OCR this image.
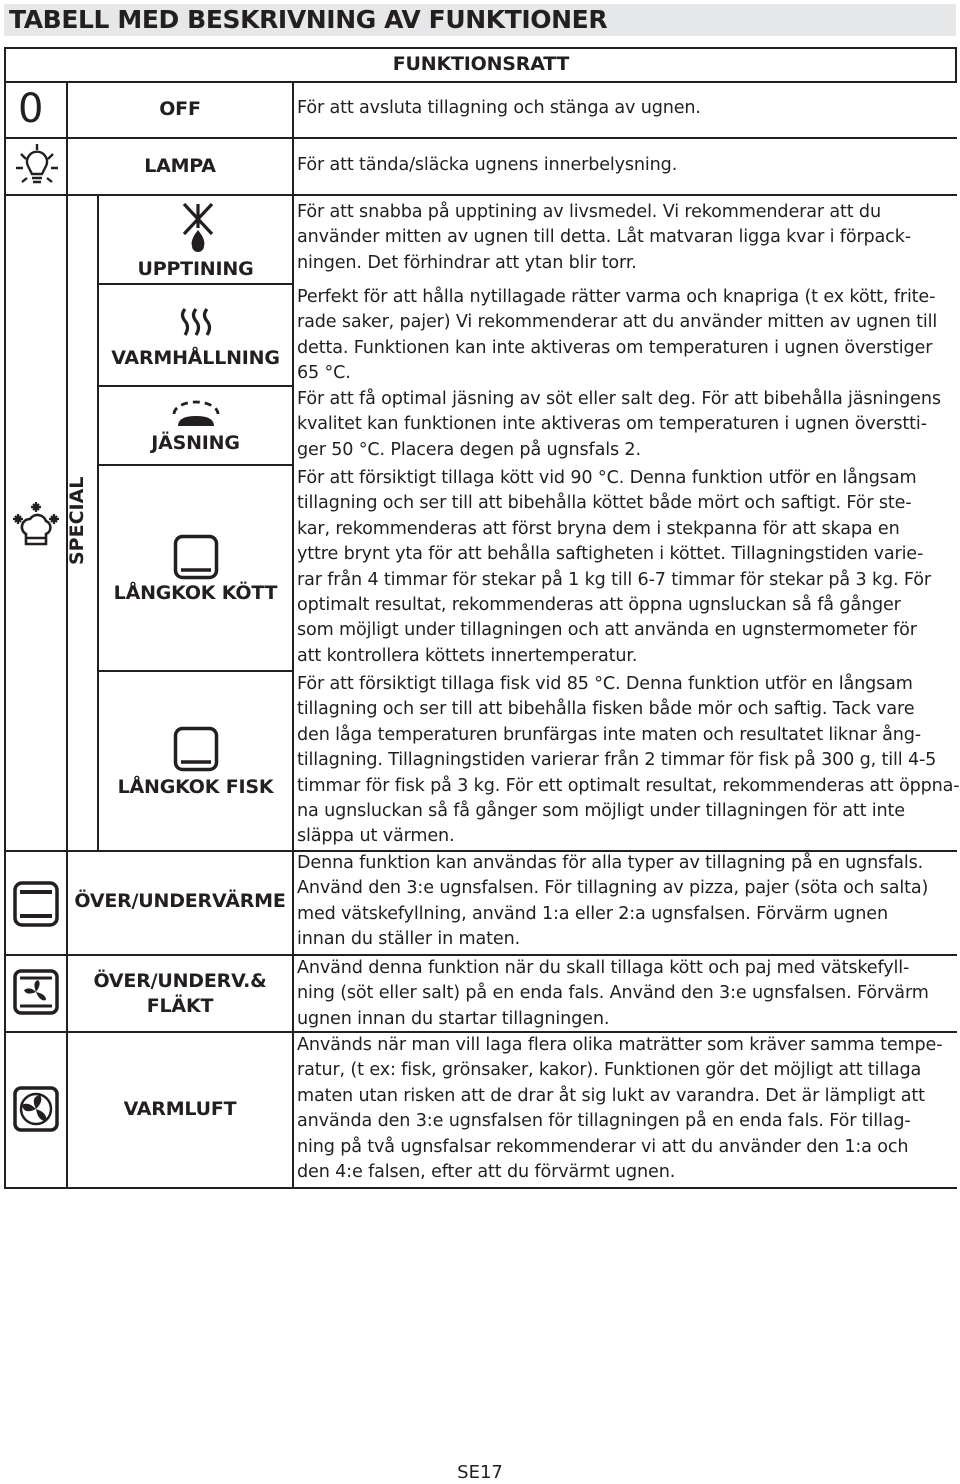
TABELL MED BESKRIVNING AV FUNKTIONER
FUNKTIONSRATT
0
SPECIAL
OFF
LAMPA
UPPTINING
VARMHÅLLNING
JÄSNING
LÅNGKOK KÖTT
LÅNGKOK FISK
ÖVER/UNDERVÄRME
ÖVER/UNDERV.&
FLÄKT
VARMLUFT
För att avsluta tillagning och stänga av ugnen.
För att tända/släcka ugnens innerbelysning.
För att snabba på upptining av livsmedel. Vi rekommenderar att du
använder mitten av ugnen till detta. Låt matvaran ligga kvar i förpack-
ningen. Det förhindrar att ytan blir torr.
Perfekt för att hålla nytillagade rätter varma och knapriga (t ex kött, frite-
rade saker, pajer) Vi rekommenderar att du använder mitten av ugnen till
detta. Funktionen kan inte aktiveras om temperaturen i ugnen överstiger
65 °C.
För att få optimal jäsning av söt eller salt deg. För att bibehålla jäsningens
kvalitet kan funktionen inte aktiveras om temperaturen i ugnen överstti-
ger 50 °C. Placera degen på ugnsfals 2.
För att försiktigt tillaga kött vid 90 °C. Denna funktion utför en långsam
tillagning och ser till att bibehålla köttet både mört och saftigt. För ste-
kar, rekommenderas att först bryna dem i stekpanna för att skapa en
yttre brynt yta för att behålla saftigheten i köttet. Tillagningstiden varie-
rar från 4 timmar för stekar på 1 kg till 6-7 timmar för stekar på 3 kg. För
optimalt resultat, rekommenderas att öppna ugnsluckan så få gånger
som möjligt under tillagningen och att använda en ugnstermometer för
att kontrollera köttets innertemperatur.
För att försiktigt tillaga fisk vid 85 °C. Denna funktion utför en långsam
tillagning och ser till att bibehålla fisken både mör och saftig. Tack vare
den låga temperaturen brunfärgas inte maten och resultatet liknar ång-
tillagning. Tillagningstiden varierar från 2 timmar för fisk på 300 g, till 4-5
timmar för fisk på 3 kg. För ett optimalt resultat, rekommenderas att öppna-
na ugnsluckan så få gånger som möjligt under tillagningen för att inte
släppa ut värmen.
Denna funktion kan användas för alla typer av tillagning på en ugnsfals.
Använd den 3:e ugnsfalsen. För tillagning av pizza, pajer (söta och salta)
med vätskefyllning, använd 1:a eller 2:a ugnsfalsen. Förvärm ugnen
innan du ställer in maten.
Använd denna funktion när du skall tillaga kött och paj med vätskefyll-
ning (söt eller salt) på en enda fals. Använd den 3:e ugnsfalsen. Förvärm
ugnen innan du startar tillagningen.
Används när man vill laga flera olika maträtter som kräver samma tempe-
ratur, (t ex: fisk, grönsaker, kakor). Funktionen gör det möjligt att tillaga
maten utan risken att de drar åt sig lukt av varandra. Det är lämpligt att
använda den 3:e ugnsfalsen för tillagningen på en enda fals. För tillag-
ning på två ugnsfalsar rekommenderar vi att du använder den 1:a och
den 4:e falsen, efter att du förvärmt ugnen.
SE17
